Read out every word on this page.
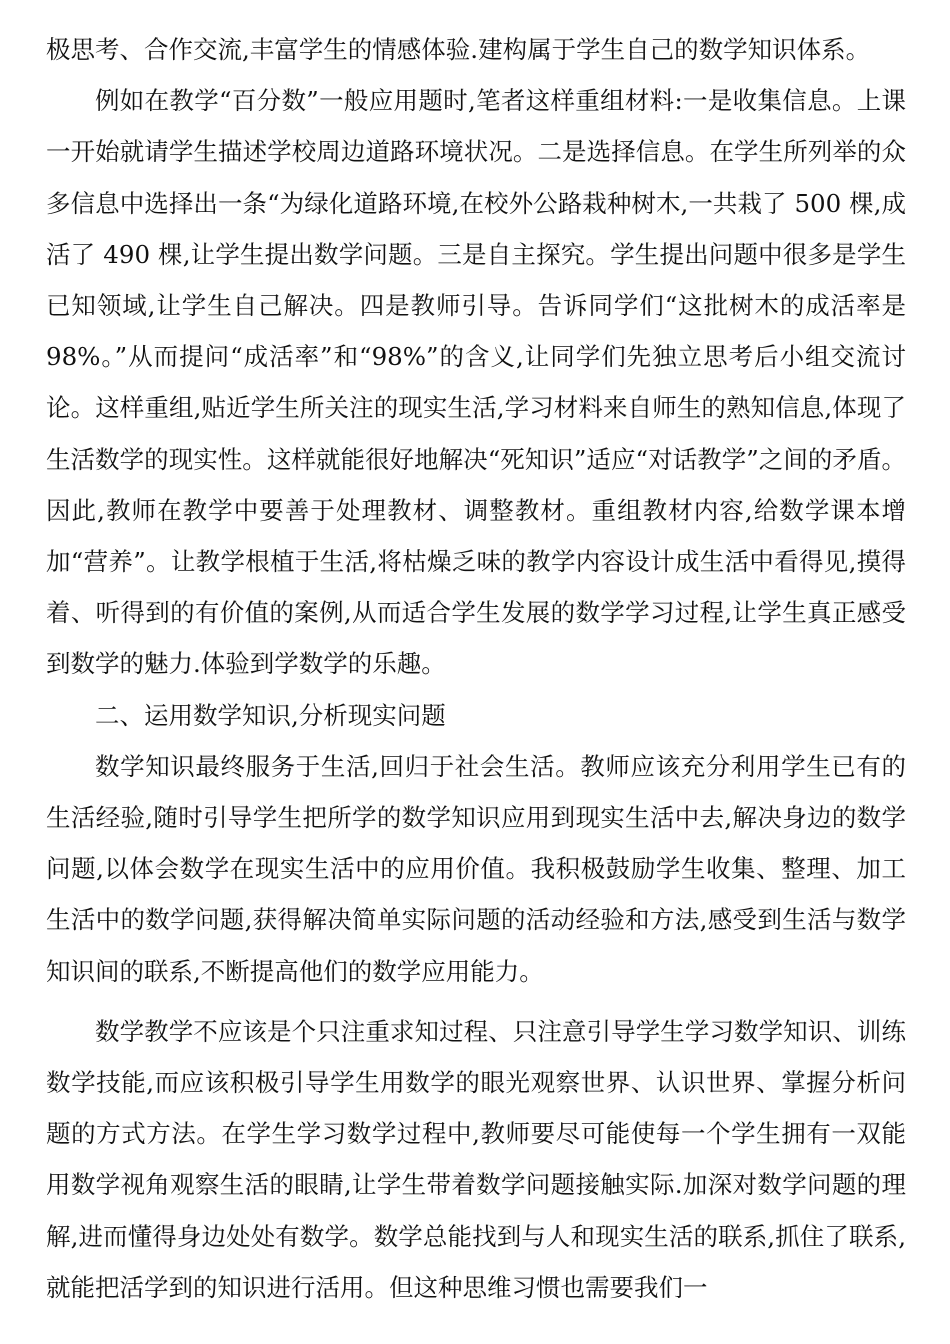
极思考、合作交流,丰富学生的情感体验.建构属于学生自己的数学知识体系。

例如在教学“百分数”一般应用题时,笔者这样重组材料:一是收集信息。上课一开始就请学生描述学校周边道路环境状况。二是选择信息。在学生所列举的众多信息中选择出一条“为绿化道路环境,在校外公路栽种树木,一共栽了 500 棵,成活了 490 棵,让学生提出数学问题。三是自主探究。学生提出问题中很多是学生已知领域,让学生自己解决。四是教师引导。告诉同学们“这批树木的成活率是 98%。”从而提问“成活率”和“98%”的含义,让同学们先独立思考后小组交流讨论。这样重组,贴近学生所关注的现实生活,学习材料来自师生的熟知信息,体现了生活数学的现实性。这样就能很好地解决“死知识”适应“对话教学”之间的矛盾。因此,教师在教学中要善于处理教材、调整教材。重组教材内容,给数学课本增加“营养”。让教学根植于生活,将枯燥乏味的教学内容设计成生活中看得见,摸得着、听得到的有价值的案例,从而适合学生发展的数学学习过程,让学生真正感受到数学的魅力.体验到学数学的乐趣。

二、运用数学知识,分析现实问题

数学知识最终服务于生活,回归于社会生活。教师应该充分利用学生已有的生活经验,随时引导学生把所学的数学知识应用到现实生活中去,解决身边的数学问题,以体会数学在现实生活中的应用价值。我积极鼓励学生收集、整理、加工生活中的数学问题,获得解决简单实际问题的活动经验和方法,感受到生活与数学知识间的联系,不断提高他们的数学应用能力。

数学教学不应该是个只注重求知过程、只注意引导学生学习数学知识、训练数学技能,而应该积极引导学生用数学的眼光观察世界、认识世界、掌握分析问题的方式方法。在学生学习数学过程中,教师要尽可能使每一个学生拥有一双能用数学视角观察生活的眼睛,让学生带着数学问题接触实际.加深对数学问题的理解,进而懂得身边处处有数学。数学总能找到与人和现实生活的联系,抓住了联系,就能把活学到的知识进行活用。但这种思维习惯也需要我们一
